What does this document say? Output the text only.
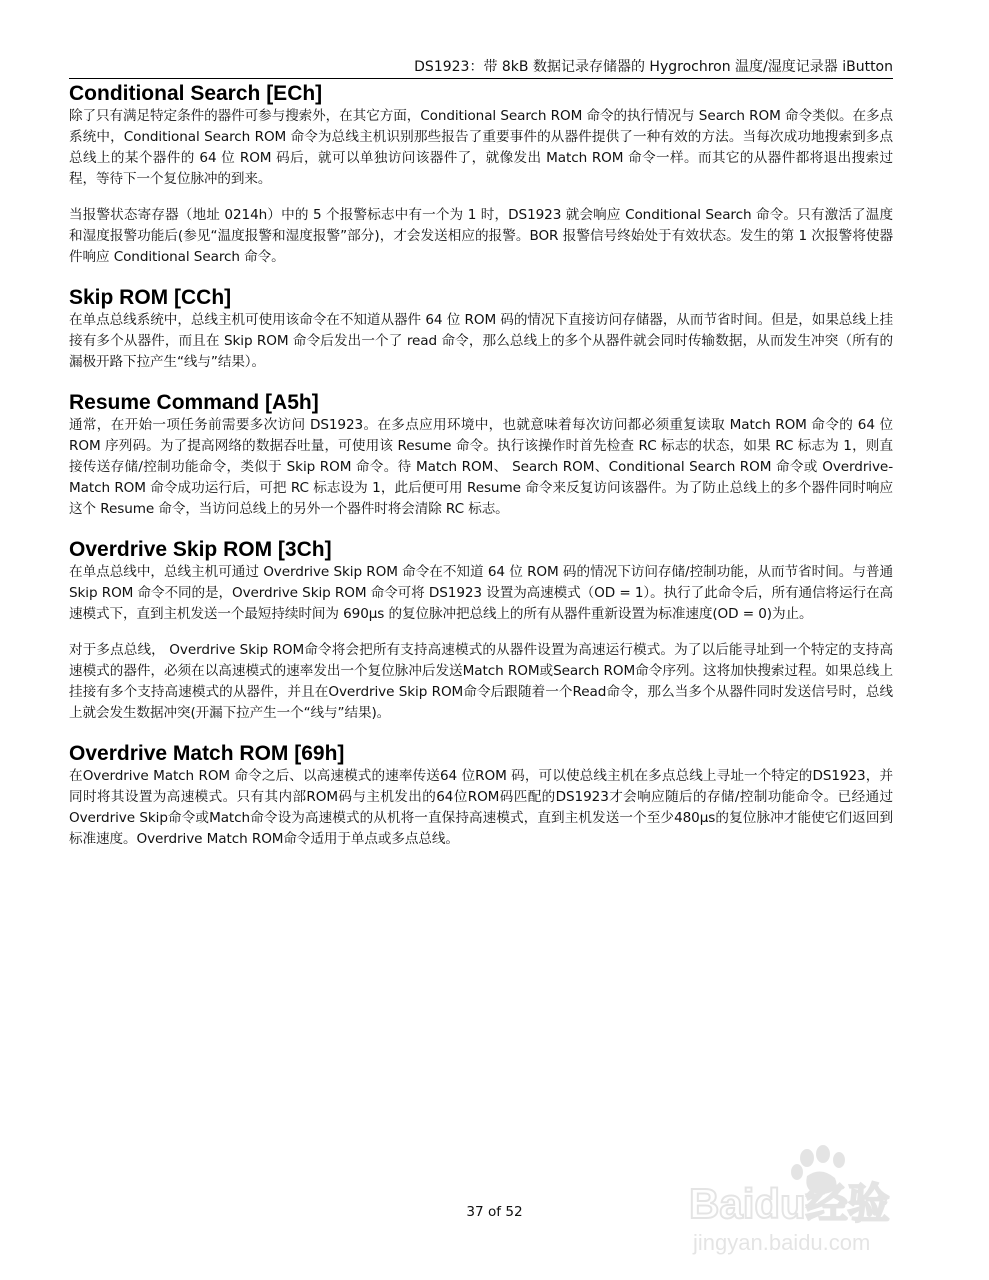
DS1923：带 8kB 数据记录存储器的 Hygrochron 温度/湿度记录器 iButton
Conditional Search [ECh]

除了只有满足特定条件的器件可参与搜索外，在其它方面，Conditional Search ROM 命令的执行情况与 Search ROM 命令类似。在多点系统中，Conditional Search ROM 命令为总线主机识别那些报告了重要事件的从器件提供了一种有效的方法。当每次成功地搜索到多点总线上的某个器件的 64 位 ROM 码后，就可以单独访问该器件了，就像发出 Match ROM 命令一样。而其它的从器件都将退出搜索过程，等待下一个复位脉冲的到来。

当报警状态寄存器（地址 0214h）中的 5 个报警标志中有一个为 1 时，DS1923 就会响应 Conditional Search 命令。只有激活了温度和湿度报警功能后(参见“温度报警和湿度报警”部分)，才会发送相应的报警。BOR 报警信号终始处于有效状态。发生的第 1 次报警将使器件响应 Conditional Search 命令。

Skip ROM [CCh]

在单点总线系统中，总线主机可使用该命令在不知道从器件 64 位 ROM 码的情况下直接访问存储器，从而节省时间。但是，如果总线上挂接有多个从器件，而且在 Skip ROM 命令后发出一个了 read 命令，那么总线上的多个从器件就会同时传输数据，从而发生冲突（所有的漏极开路下拉产生“线与”结果）。

Resume Command [A5h]

通常，在开始一项任务前需要多次访问 DS1923。在多点应用环境中，也就意味着每次访问都必须重复读取 Match ROM 命令的 64 位 ROM 序列码。为了提高网络的数据吞吐量，可使用该 Resume 命令。执行该操作时首先检查 RC 标志的状态，如果 RC 标志为 1，则直接传送存储/控制功能命令，类似于 Skip ROM 命令。待 Match ROM、 Search ROM、Conditional Search ROM 命令或 Overdrive-Match ROM 命令成功运行后，可把 RC 标志设为 1，此后便可用 Resume 命令来反复访问该器件。为了防止总线上的多个器件同时响应这个 Resume 命令，当访问总线上的另外一个器件时将会清除 RC 标志。

Overdrive Skip ROM [3Ch]

在单点总线中，总线主机可通过 Overdrive Skip ROM 命令在不知道 64 位 ROM 码的情况下访问存储/控制功能，从而节省时间。与普通 Skip ROM 命令不同的是，Overdrive Skip ROM 命令可将 DS1923 设置为高速模式（OD = 1）。执行了此命令后，所有通信将运行在高速模式下，直到主机发送一个最短持续时间为 690µs 的复位脉冲把总线上的所有从器件重新设置为标准速度(OD = 0)为止。

对于多点总线， Overdrive Skip ROM命令将会把所有支持高速模式的从器件设置为高速运行模式。为了以后能寻址到一个特定的支持高速模式的器件，必须在以高速模式的速率发出一个复位脉冲后发送Match ROM或Search ROM命令序列。这将加快搜索过程。如果总线上挂接有多个支持高速模式的从器件，并且在Overdrive Skip ROM命令后跟随着一个Read命令，那么当多个从器件同时发送信号时，总线上就会发生数据冲突(开漏下拉产生一个“线与”结果)。

Overdrive Match ROM [69h]

在Overdrive Match ROM 命令之后、以高速模式的速率传送64 位ROM 码，可以使总线主机在多点总线上寻址一个特定的DS1923，并同时将其设置为高速模式。只有其内部ROM码与主机发出的64位ROM码匹配的DS1923才会响应随后的存储/控制功能命令。已经通过Overdrive Skip命令或Match命令设为高速模式的从机将一直保持高速模式，直到主机发送一个至少480µs的复位脉冲才能使它们返回到标准速度。Overdrive Match ROM命令适用于单点或多点总线。

37 of 52	Baidu经验
jingyan.baidu.com
